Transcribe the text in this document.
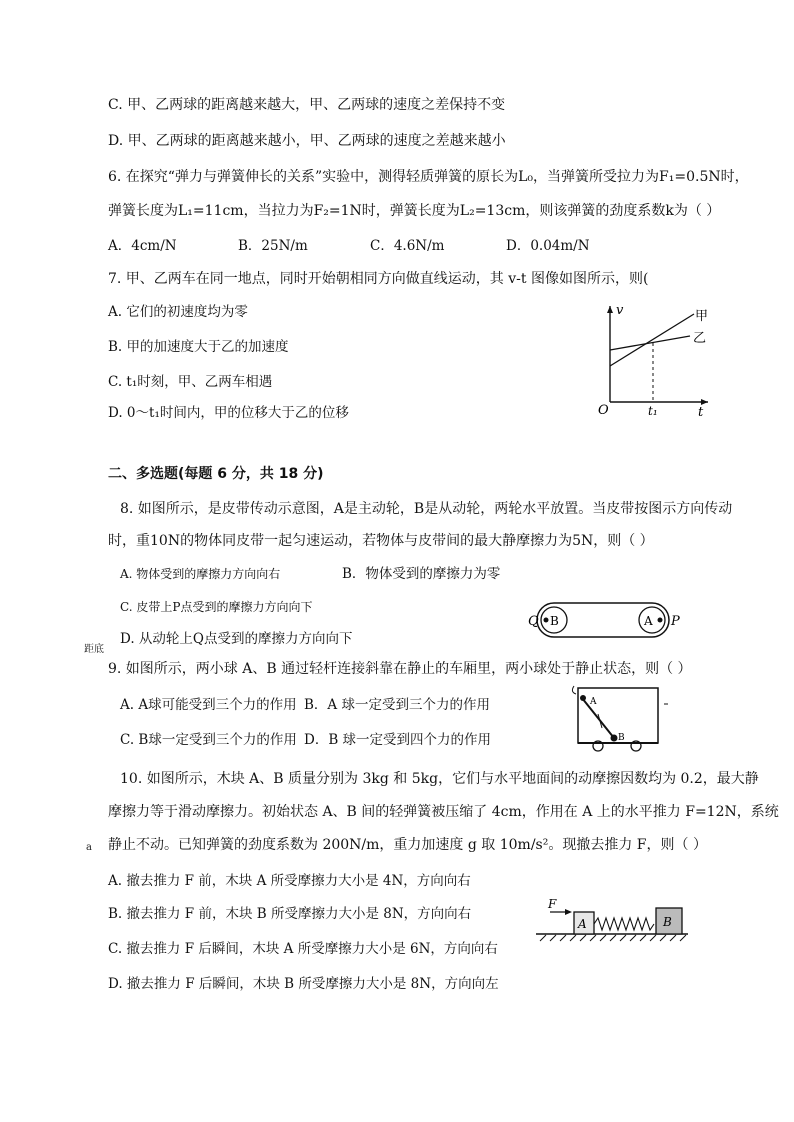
C. 甲、乙两球的距离越来越大，甲、乙两球的速度之差保持不变
D. 甲、乙两球的距离越来越小，甲、乙两球的速度之差越来越小
6. 在探究“弹力与弹簧伸长的关系”实验中，测得轻质弹簧的原长为L₀，当弹簧所受拉力为F₁=0.5N时，
弹簧长度为L₁=11cm，当拉力为F₂=1N时，弹簧长度为L₂=13cm，则该弹簧的劲度系数k为（ ）
A．4cm/N	B．25N/m	C．4.6N/m	D．0.04m/N
7. 甲、乙两车在同一地点，同时开始朝相同方向做直线运动，其 v-t 图像如图所示，则(
A. 它们的初速度均为零
B. 甲的加速度大于乙的加速度
C. t₁时刻，甲、乙两车相遇
D. 0～t₁时间内，甲的位移大于乙的位移
v
t
O	t₁
甲
乙
二、多选题(每题 6 分，共 18 分)
8. 如图所示，是皮带传动示意图，A是主动轮，B是从动轮，两轮水平放置。当皮带按图示方向传动
时，重10N的物体同皮带一起匀速运动，若物体与皮带间的最大静摩擦力为5N，则（ ）
A. 物体受到的摩擦力方向向右	B．物体受到的摩擦力为零
C. 皮带上P点受到的摩擦力方向向下
D. 从动轮上Q点受到的摩擦力方向向下
Q B	A P
9. 如图所示，两小球 A、B 通过轻杆连接斜靠在静止的车厢里，两小球处于静止状态，则（ ）
A. A球可能受到三个力的作用 B．A 球一定受到三个力的作用
C. B球一定受到三个力的作用 D．B 球一定受到四个力的作用
A
B
10. 如图所示，木块 A、B 质量分别为 3kg 和 5kg，它们与水平地面间的动摩擦因数均为 0.2，最大静
摩擦力等于滑动摩擦力。初始状态 A、B 间的轻弹簧被压缩了 4cm，作用在 A 上的水平推力 F=12N，系统
静止不动。已知弹簧的劲度系数为 200N/m，重力加速度 g 取 10m/s²。现撤去推力 F，则（ ）
A. 撤去推力 F 前，木块 A 所受摩擦力大小是 4N，方向向右
B. 撤去推力 F 前，木块 B 所受摩擦力大小是 8N，方向向右
C. 撤去推力 F 后瞬间，木块 A 所受摩擦力大小是 6N，方向向右
D. 撤去推力 F 后瞬间，木块 B 所受摩擦力大小是 8N，方向向左
F
A	B
距底
a
